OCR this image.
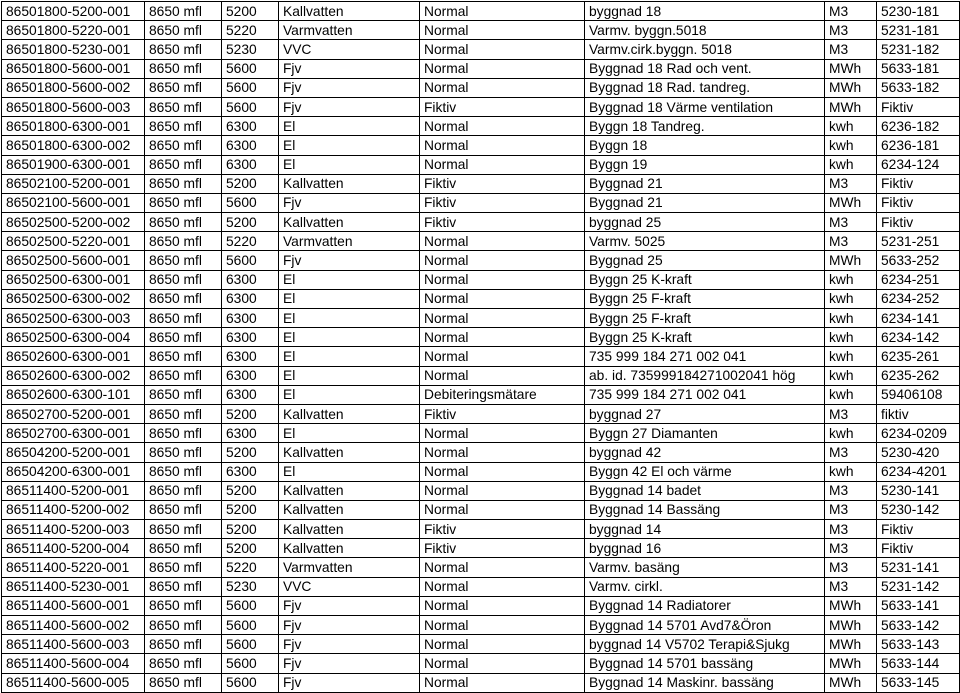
86501800-5200-001	8650 mfl	5200	Kallvatten	Normal	byggnad 18	M3	5230-181
86501800-5220-001	8650 mfl	5220	Varmvatten	Normal	Varmv. byggn.5018	M3	5231-181
86501800-5230-001	8650 mfl	5230	VVC	Normal	Varmv.cirk.byggn. 5018	M3	5231-182
86501800-5600-001	8650 mfl	5600	Fjv	Normal	Byggnad 18 Rad och vent.	MWh	5633-181
86501800-5600-002	8650 mfl	5600	Fjv	Normal	Byggnad 18 Rad. tandreg.	MWh	5633-182
86501800-5600-003	8650 mfl	5600	Fjv	Fiktiv	Byggnad 18 Värme ventilation	MWh	Fiktiv
86501800-6300-001	8650 mfl	6300	El	Normal	Byggn 18 Tandreg.	kwh	6236-182
86501800-6300-002	8650 mfl	6300	El	Normal	Byggn 18	kwh	6236-181
86501900-6300-001	8650 mfl	6300	El	Normal	Byggn 19	kwh	6234-124
86502100-5200-001	8650 mfl	5200	Kallvatten	Fiktiv	Byggnad 21	M3	Fiktiv
86502100-5600-001	8650 mfl	5600	Fjv	Fiktiv	Byggnad 21	MWh	Fiktiv
86502500-5200-002	8650 mfl	5200	Kallvatten	Fiktiv	byggnad 25	M3	Fiktiv
86502500-5220-001	8650 mfl	5220	Varmvatten	Normal	Varmv. 5025	M3	5231-251
86502500-5600-001	8650 mfl	5600	Fjv	Normal	Byggnad 25	MWh	5633-252
86502500-6300-001	8650 mfl	6300	El	Normal	Byggn 25 K-kraft	kwh	6234-251
86502500-6300-002	8650 mfl	6300	El	Normal	Byggn 25 F-kraft	kwh	6234-252
86502500-6300-003	8650 mfl	6300	El	Normal	Byggn 25 F-kraft	kwh	6234-141
86502500-6300-004	8650 mfl	6300	El	Normal	Byggn 25 K-kraft	kwh	6234-142
86502600-6300-001	8650 mfl	6300	El	Normal	735 999 184 271 002 041	kwh	6235-261
86502600-6300-002	8650 mfl	6300	El	Normal	ab. id. 735999184271002041 hög	kwh	6235-262
86502600-6300-101	8650 mfl	6300	El	Debiteringsmätare	735 999 184 271 002 041	kwh	59406108
86502700-5200-001	8650 mfl	5200	Kallvatten	Fiktiv	byggnad 27	M3	fiktiv
86502700-6300-001	8650 mfl	6300	El	Normal	Byggn 27 Diamanten	kwh	6234-0209
86504200-5200-001	8650 mfl	5200	Kallvatten	Normal	byggnad 42	M3	5230-420
86504200-6300-001	8650 mfl	6300	El	Normal	Byggn 42 El och värme	kwh	6234-4201
86511400-5200-001	8650 mfl	5200	Kallvatten	Normal	Byggnad 14 badet	M3	5230-141
86511400-5200-002	8650 mfl	5200	Kallvatten	Normal	Byggnad 14 Bassäng	M3	5230-142
86511400-5200-003	8650 mfl	5200	Kallvatten	Fiktiv	byggnad 14	M3	Fiktiv
86511400-5200-004	8650 mfl	5200	Kallvatten	Fiktiv	byggnad 16	M3	Fiktiv
86511400-5220-001	8650 mfl	5220	Varmvatten	Normal	Varmv. basäng	M3	5231-141
86511400-5230-001	8650 mfl	5230	VVC	Normal	Varmv. cirkl.	M3	5231-142
86511400-5600-001	8650 mfl	5600	Fjv	Normal	Byggnad 14 Radiatorer	MWh	5633-141
86511400-5600-002	8650 mfl	5600	Fjv	Normal	Byggnad 14 5701 Avd7&Öron	MWh	5633-142
86511400-5600-003	8650 mfl	5600	Fjv	Normal	byggnad 14 V5702 Terapi&Sjukg	MWh	5633-143
86511400-5600-004	8650 mfl	5600	Fjv	Normal	Byggnad 14 5701 bassäng	MWh	5633-144
86511400-5600-005	8650 mfl	5600	Fjv	Normal	Byggnad 14 Maskinr. bassäng	MWh	5633-145
